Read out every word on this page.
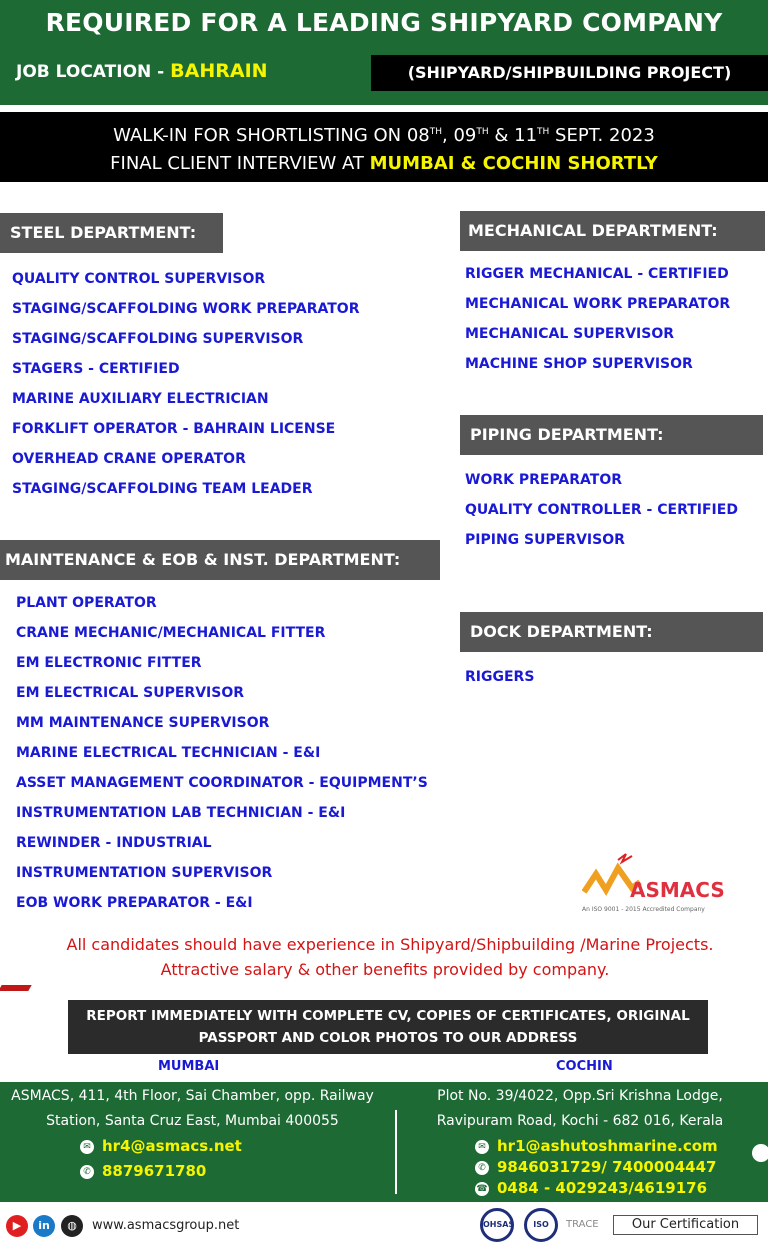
REQUIRED FOR A LEADING SHIPYARD COMPANY
JOB LOCATION - BAHRAIN	(SHIPYARD/SHIPBUILDING PROJECT)
WALK-IN FOR SHORTLISTING ON 08TH, 09TH & 11TH SEPT. 2023
FINAL CLIENT INTERVIEW AT MUMBAI & COCHIN SHORTLY
STEEL DEPARTMENT:
QUALITY CONTROL SUPERVISOR
STAGING/SCAFFOLDING WORK PREPARATOR
STAGING/SCAFFOLDING SUPERVISOR
STAGERS - CERTIFIED
MARINE AUXILIARY ELECTRICIAN
FORKLIFT OPERATOR - BAHRAIN LICENSE
OVERHEAD CRANE OPERATOR
STAGING/SCAFFOLDING TEAM LEADER
MECHANICAL DEPARTMENT:
RIGGER MECHANICAL - CERTIFIED
MECHANICAL WORK PREPARATOR
MECHANICAL SUPERVISOR
MACHINE SHOP SUPERVISOR
PIPING DEPARTMENT:
WORK PREPARATOR
QUALITY CONTROLLER - CERTIFIED
PIPING SUPERVISOR
MAINTENANCE & EOB & INST. DEPARTMENT:
PLANT OPERATOR
CRANE MECHANIC/MECHANICAL FITTER
EM ELECTRONIC FITTER
EM ELECTRICAL SUPERVISOR
MM MAINTENANCE SUPERVISOR
MARINE ELECTRICAL TECHNICIAN - E&I
ASSET MANAGEMENT COORDINATOR - EQUIPMENT’S
INSTRUMENTATION LAB TECHNICIAN - E&I
REWINDER - INDUSTRIAL
INSTRUMENTATION SUPERVISOR
EOB WORK PREPARATOR - E&I
DOCK DEPARTMENT:
RIGGERS
ASMACS
An ISO 9001 - 2015 Accredited Company
All candidates should have experience in Shipyard/Shipbuilding /Marine Projects.
Attractive salary & other benefits provided by company.
REPORT IMMEDIATELY WITH COMPLETE CV, COPIES OF CERTIFICATES, ORIGINAL
PASSPORT AND COLOR PHOTOS TO OUR ADDRESS
MUMBAI	COCHIN
ASMACS, 411, 4th Floor, Sai Chamber, opp. Railway
Station, Santa Cruz East, Mumbai 400055
✉ hr4@asmacs.net
✆ 8879671780
Plot No. 39/4022, Opp.Sri Krishna Lodge,
Ravipuram Road, Kochi - 682 016, Kerala
✉ hr1@ashutoshmarine.com
✆ 9846031729/ 7400004447
☎ 0484 - 4029243/4619176
▶	in	◍	www.asmacsgroup.net	OHSAS	ISO	TRACE	Our Certification
